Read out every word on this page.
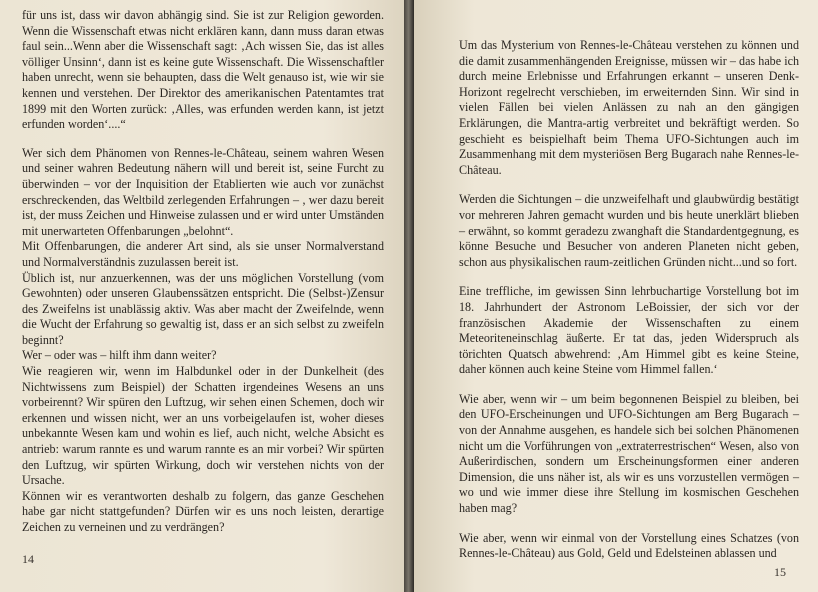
für uns ist, dass wir davon abhängig sind. Sie ist zur Religion geworden. Wenn die Wissenschaft etwas nicht erklären kann, dann muss daran etwas faul sein...Wenn aber die Wissenschaft sagt: ‚Ach wissen Sie, das ist alles völliger Unsinn‘, dann ist es keine gute Wissenschaft. Die Wissenschaftler haben unrecht, wenn sie behaupten, dass die Welt genauso ist, wie wir sie kennen und verstehen. Der Direktor des amerikanischen Patentamtes trat 1899 mit den Worten zurück: ‚Alles, was erfunden werden kann, ist jetzt erfunden worden‘....“

Wer sich dem Phänomen von Rennes-le-Château, seinem wahren Wesen und seiner wahren Bedeutung nähern will und bereit ist, seine Furcht zu überwinden – vor der Inquisition der Etablierten wie auch vor zunächst erschreckenden, das Weltbild zerlegenden Erfahrungen – , wer dazu bereit ist, der muss Zeichen und Hinweise zulassen und er wird unter Umständen mit unerwarteten Offenbarungen „belohnt“.

Mit Offenbarungen, die anderer Art sind, als sie unser Normalverstand und Normalverständnis zuzulassen bereit ist.

Üblich ist, nur anzuerkennen, was der uns möglichen Vorstellung (vom Gewohnten) oder unseren Glaubenssätzen entspricht. Die (Selbst-)Zensur des Zweifelns ist unablässig aktiv. Was aber macht der Zweifelnde, wenn die Wucht der Erfahrung so gewaltig ist, dass er an sich selbst zu zweifeln beginnt?

Wer – oder was – hilft ihm dann weiter?

Wie reagieren wir, wenn im Halbdunkel oder in der Dunkelheit (des Nichtwissens zum Beispiel) der Schatten irgendeines Wesens an uns vorbeirennt? Wir spüren den Luftzug, wir sehen einen Schemen, doch wir erkennen und wissen nicht, wer an uns vorbeigelaufen ist, woher dieses unbekannte Wesen kam und wohin es lief, auch nicht, welche Absicht es antrieb: warum rannte es und warum rannte es an mir vorbei? Wir spürten den Luftzug, wir spürten Wirkung, doch wir verstehen nichts von der Ursache.

Können wir es verantworten deshalb zu folgern, das ganze Geschehen habe gar nicht stattgefunden? Dürfen wir es uns noch leisten, derartige Zeichen zu verneinen und zu verdrängen?

14

Um das Mysterium von Rennes-le-Château verstehen zu können und die damit zusammenhängenden Ereignisse, müssen wir – das habe ich durch meine Erlebnisse und Erfahrungen erkannt – unseren Denk-Horizont regelrecht verschieben, im erweiternden Sinn. Wir sind in vielen Fällen bei vielen Anlässen zu nah an den gängigen Erklärungen, die Mantra-artig verbreitet und bekräftigt werden. So geschieht es beispielhaft beim Thema UFO-Sichtungen auch im Zusammenhang mit dem mysteriösen Berg Bugarach nahe Rennes-le-Château.

Werden die Sichtungen – die unzweifelhaft und glaubwürdig bestätigt vor mehreren Jahren gemacht wurden und bis heute unerklärt blieben – erwähnt, so kommt geradezu zwanghaft die Standardentgegnung, es könne Besuche und Besucher von anderen Planeten nicht geben, schon aus physikalischen raum-zeitlichen Gründen nicht...und so fort.

Eine treffliche, im gewissen Sinn lehrbuchartige Vorstellung bot im 18. Jahrhundert der Astronom LeBoissier, der sich vor der französischen Akademie der Wissenschaften zu einem Meteoriteneinschlag äußerte. Er tat das, jeden Widerspruch als törichten Quatsch abwehrend: ‚Am Himmel gibt es keine Steine, daher können auch keine Steine vom Himmel fallen.‘

Wie aber, wenn wir – um beim begonnenen Beispiel zu bleiben, bei den UFO-Erscheinungen und UFO-Sichtungen am Berg Bugarach – von der Annahme ausgehen, es handele sich bei solchen Phänomenen nicht um die Vorführungen von „extraterrestrischen“ Wesen, also von Außerirdischen, sondern um Erscheinungsformen einer anderen Dimension, die uns näher ist, als wir es uns vorzustellen vermögen – wo und wie immer diese ihre Stellung im kosmischen Geschehen haben mag?

Wie aber, wenn wir einmal von der Vorstellung eines Schatzes (von Rennes-le-Château) aus Gold, Geld und Edelsteinen ablassen und

15
